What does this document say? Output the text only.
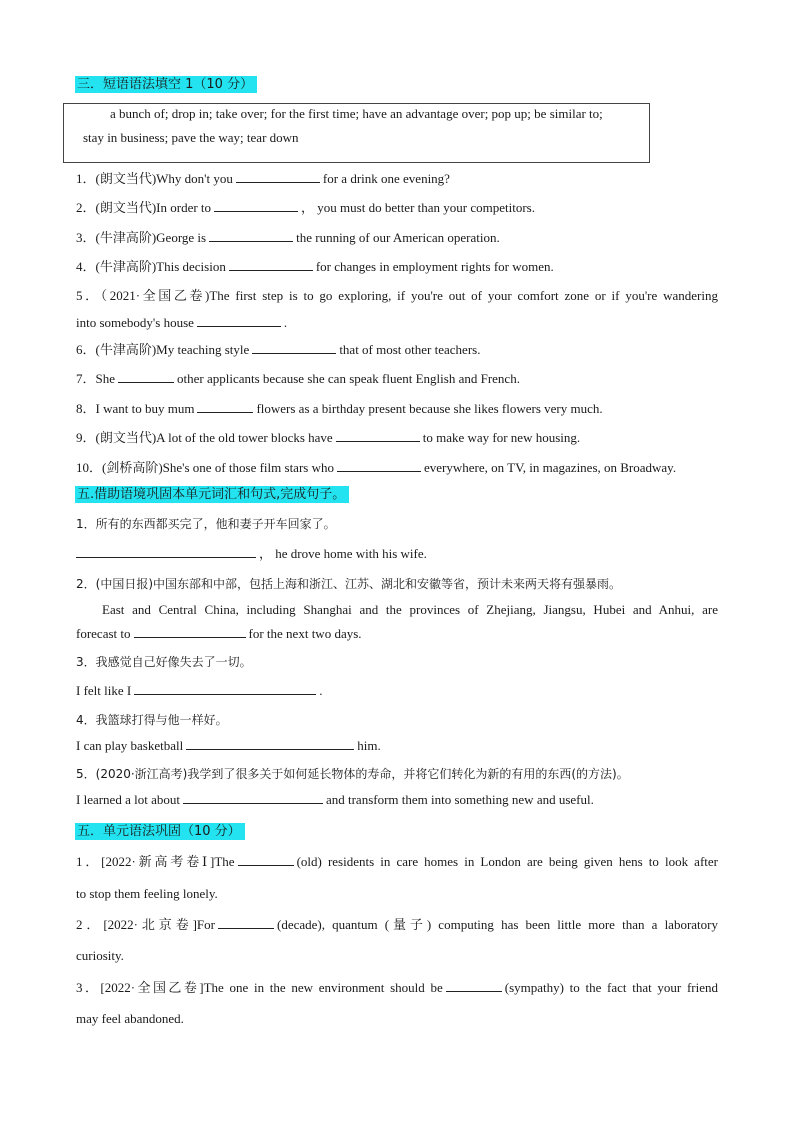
三．短语语法填空 1（10 分）
a bunch of; drop in; take over; for the first time; have an advantage over; pop up; be similar to;
stay in business; pave the way; tear down
1．(朗文当代)Why don't you	for a drink one evening?
2．(朗文当代)In order to	， you must do better than your competitors.
3．(牛津高阶)George is	the running of our American operation.
4．(牛津高阶)This decision	for changes in employment rights for women.
5．（2021·全国乙卷)The first step is to go exploring, if you're out of your comfort zone or if you're wandering
into somebody's house	.
6．(牛津高阶)My teaching style	that of most other teachers.
7．She	other applicants because she can speak fluent English and French.
8．I want to buy mum	flowers as a birthday present because she likes flowers very much.
9．(朗文当代)A lot of the old tower blocks have	to make way for new housing.
10．(剑桥高阶)She's one of those film stars who	everywhere, on TV, in magazines, on Broadway.
五.借助语境巩固本单元词汇和句式,完成句子。
1．所有的东西都买完了，他和妻子开车回家了。
， he drove home with his wife.
2．(中国日报)中国东部和中部，包括上海和浙江、江苏、湖北和安徽等省，预计未来两天将有强暴雨。
East and Central China, including Shanghai and the provinces of Zhejiang, Jiangsu, Hubei and Anhui, are
forecast to	for the next two days.
3．我感觉自己好像失去了一切。
I felt like I	.
4．我篮球打得与他一样好。
I can play basketball	him.
5．(2020·浙江高考)我学到了很多关于如何延长物体的寿命，并将它们转化为新的有用的东西(的方法)。
I learned a lot about	and transform them into something new and useful.
五．单元语法巩固（10 分）
1．[2022·新高考卷Ⅰ]The	(old) residents in care homes in London are being given hens to look after
to stop them feeling lonely.
2．[2022·北京卷]For	(decade), quantum (量子) computing has been little more than a laboratory
curiosity.
3．[2022·全国乙卷]The one in the new environment should be	(sympathy) to the fact that your friend
may feel abandoned.
